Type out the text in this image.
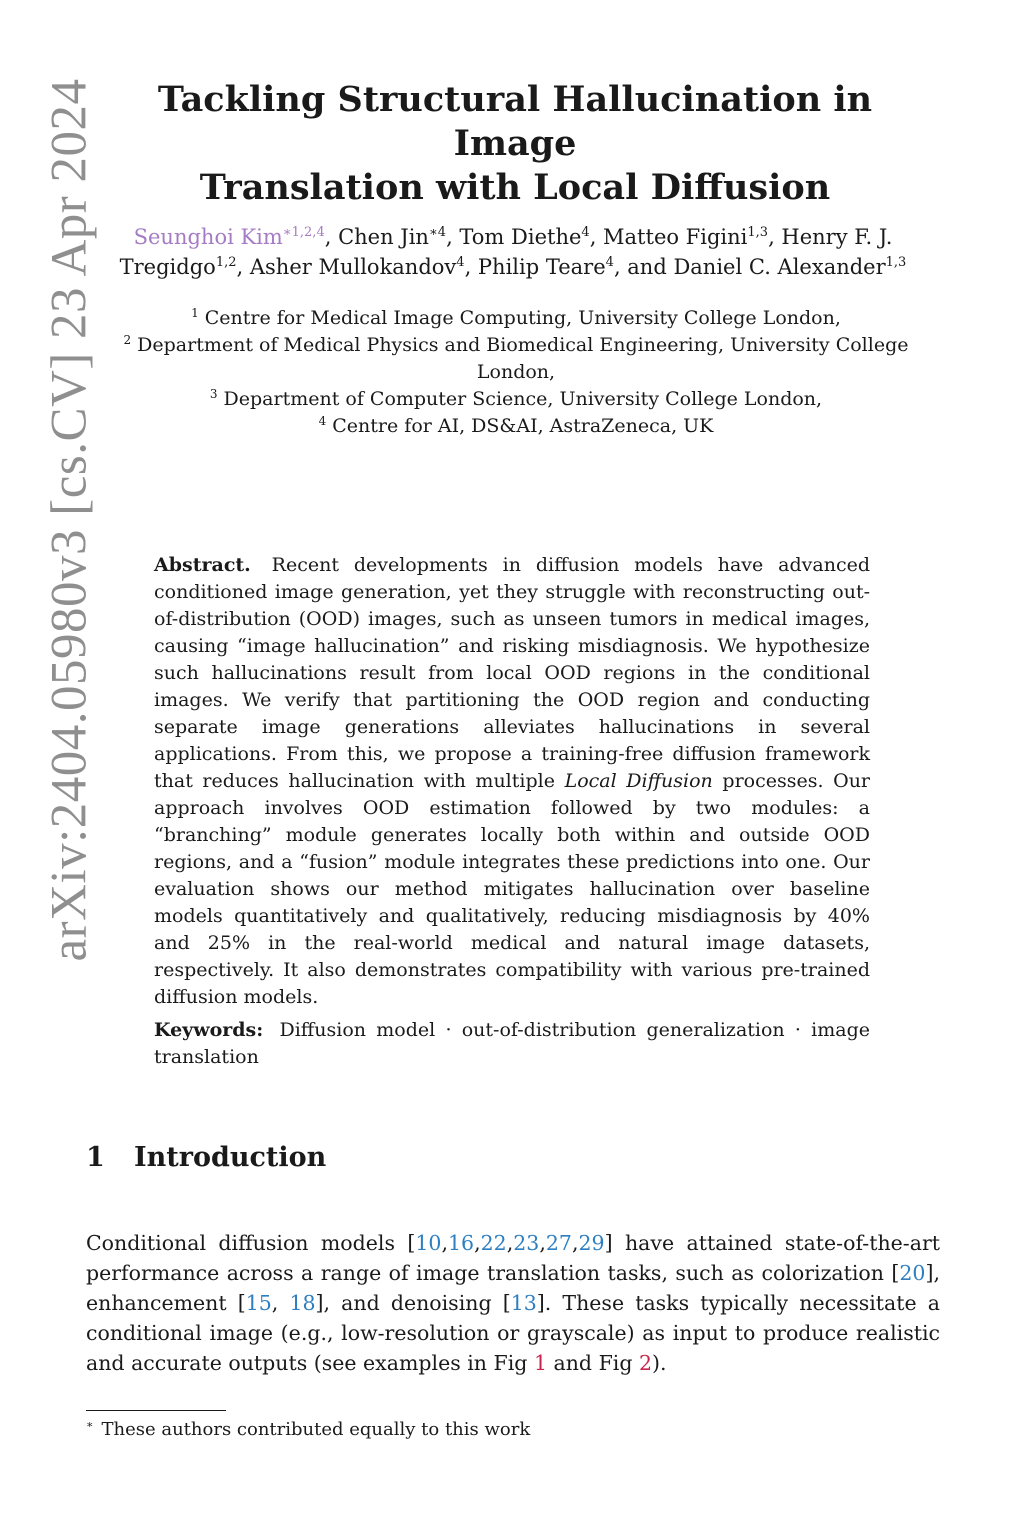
arXiv:2404.05980v3 [cs.CV] 23 Apr 2024	Tackling Structural Hallucination in Image
Translation with Local Diffusion
Seunghoi Kim$^{∗1,2,4}$, Chen Jin$^{∗4}$, Tom Diethe$^4$, Matteo Figini$^{1,3}$, Henry F. J. Tregidgo$^{1,2}$, Asher Mullokandov$^4$, Philip Teare$^4$, and Daniel C. Alexander$^{1,3}$
$^1$ Centre for Medical Image Computing, University College London,
$^2$ Department of Medical Physics and Biomedical Engineering, University College London,
$^3$ Department of Computer Science, University College London,
$^4$ Centre for AI, DS&AI, AstraZeneca, UK

Abstract. Recent developments in diffusion models have advanced conditioned image generation, yet they struggle with reconstructing out-of-distribution (OOD) images, such as unseen tumors in medical images, causing “image hallucination” and risking misdiagnosis. We hypothesize such hallucinations result from local OOD regions in the conditional images. We verify that partitioning the OOD region and conducting separate image generations alleviates hallucinations in several applications. From this, we propose a training-free diffusion framework that reduces hallucination with multiple Local Diffusion processes. Our approach involves OOD estimation followed by two modules: a “branching” module generates locally both within and outside OOD regions, and a “fusion” module integrates these predictions into one. Our evaluation shows our method mitigates hallucination over baseline models quantitatively and qualitatively, reducing misdiagnosis by 40% and 25% in the real-world medical and natural image datasets, respectively. It also demonstrates compatibility with various pre-trained diffusion models.

Keywords: Diffusion model · out-of-distribution generalization · image translation

1 Introduction

Conditional diffusion models [10,16,22,23,27,29] have attained state-of-the-art performance across a range of image translation tasks, such as colorization [20], enhancement [15, 18], and denoising [13]. These tasks typically necessitate a conditional image (e.g., low-resolution or grayscale) as input to produce realistic and accurate outputs (see examples in Fig 1 and Fig 2).

∗ These authors contributed equally to this work
